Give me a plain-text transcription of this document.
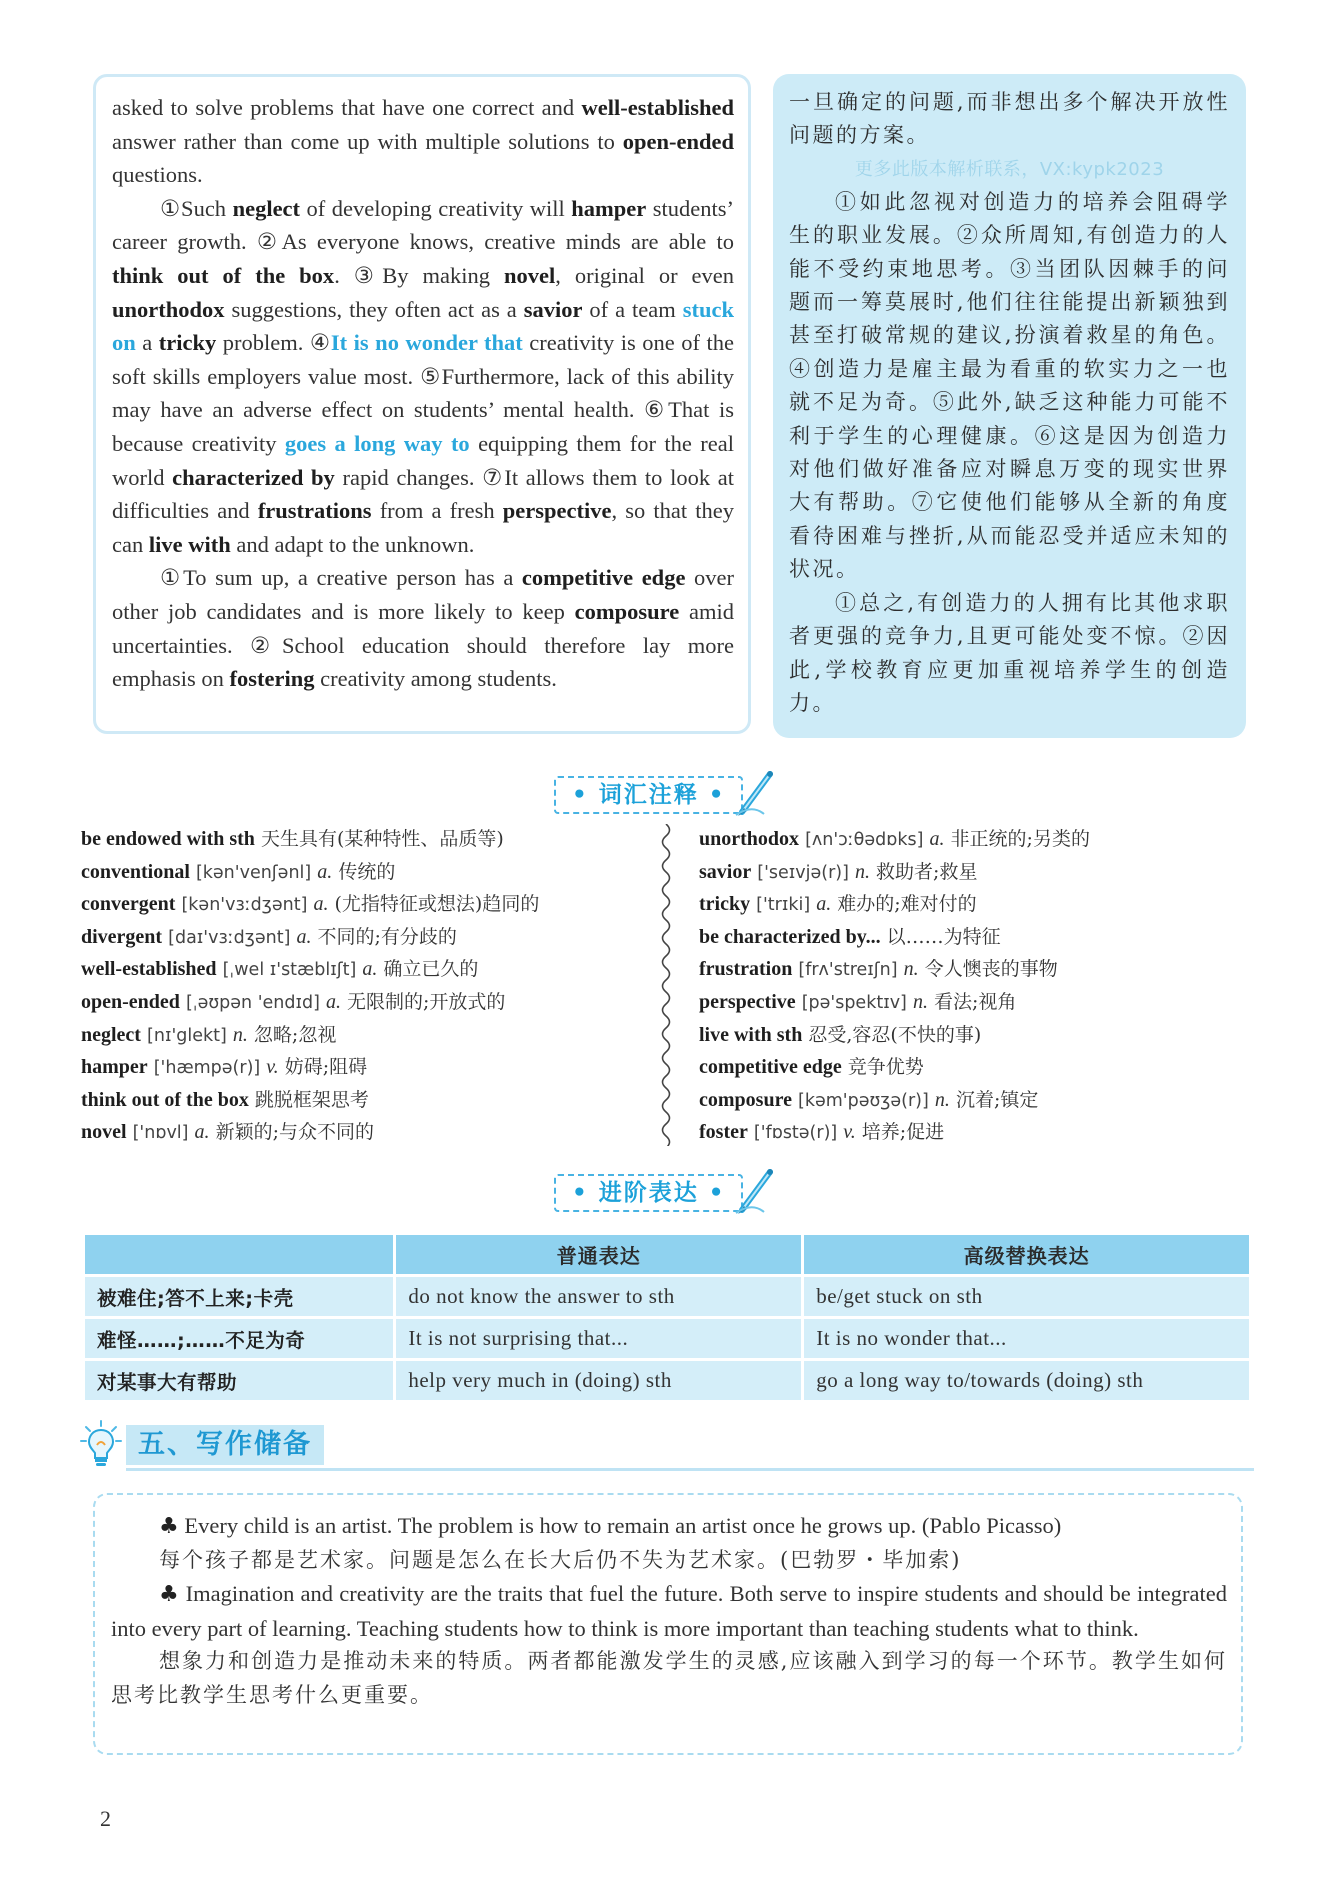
asked to solve problems that have one correct and well-established answer rather than come up with multiple solutions to open-ended questions.

①Such neglect of developing creativity will hamper students’ career growth. ②As everyone knows, creative minds are able to think out of the box. ③By making novel, original or even unorthodox suggestions, they often act as a savior of a team stuck on a tricky problem. ④It is no wonder that creativity is one of the soft skills employers value most. ⑤Furthermore, lack of this ability may have an adverse effect on students’ mental health. ⑥That is because creativity goes a long way to equipping them for the real world characterized by rapid changes. ⑦It allows them to look at difficulties and frustrations from a fresh perspective, so that they can live with and adapt to the unknown.

①To sum up, a creative person has a competitive edge over other job candidates and is more likely to keep composure amid uncertainties. ②School education should therefore lay more emphasis on fostering creativity among students.

一旦确定的问题,而非想出多个解决开放性问题的方案。

更多此版本解析联系，VX:kypk2023

①如此忽视对创造力的培养会阻碍学生的职业发展。②众所周知,有创造力的人能不受约束地思考。③当团队因棘手的问题而一筹莫展时,他们往往能提出新颖独到甚至打破常规的建议,扮演着救星的角色。④创造力是雇主最为看重的软实力之一也就不足为奇。⑤此外,缺乏这种能力可能不利于学生的心理健康。⑥这是因为创造力对他们做好准备应对瞬息万变的现实世界大有帮助。⑦它使他们能够从全新的角度看待困难与挫折,从而能忍受并适应未知的状况。

①总之,有创造力的人拥有比其他求职者更强的竞争力,且更可能处变不惊。②因此,学校教育应更加重视培养学生的创造力。

• 词汇注释 •
be endowed with sth 天生具有(某种特性、品质等)
conventional [kən'venʃənl] a. 传统的
convergent [kən'vɜːdʒənt] a. (尤指特征或想法)趋同的
divergent [daɪ'vɜːdʒənt] a. 不同的;有分歧的
well-established [ˌwel ɪ'stæblɪʃt] a. 确立已久的
open-ended [ˌəʊpən 'endɪd] a. 无限制的;开放式的
neglect [nɪ'glekt] n. 忽略;忽视
hamper ['hæmpə(r)] v. 妨碍;阻碍
think out of the box 跳脱框架思考
novel ['nɒvl] a. 新颖的;与众不同的
unorthodox [ʌn'ɔːθədɒks] a. 非正统的;另类的
savior ['seɪvjə(r)] n. 救助者;救星
tricky ['trɪki] a. 难办的;难对付的
be characterized by... 以……为特征
frustration [frʌ'streɪʃn] n. 令人懊丧的事物
perspective [pə'spektɪv] n. 看法;视角
live with sth 忍受,容忍(不快的事)
competitive edge 竞争优势
composure [kəm'pəʊʒə(r)] n. 沉着;镇定
foster ['fɒstə(r)] v. 培养;促进
• 进阶表达 •
	普通表达	高级替换表达
被难住;答不上来;卡壳	do not know the answer to sth	be/get stuck on sth
难怪……;……不足为奇	It is not surprising that...	It is no wonder that...
对某事大有帮助	help very much in (doing) sth	go a long way to/towards (doing) sth
五、写作储备

♣ Every child is an artist. The problem is how to remain an artist once he grows up. (Pablo Picasso)

每个孩子都是艺术家。问题是怎么在长大后仍不失为艺术家。(巴勃罗・毕加索)

♣ Imagination and creativity are the traits that fuel the future. Both serve to inspire students and should be integrated into every part of learning. Teaching students how to think is more important than teaching students what to think.

想象力和创造力是推动未来的特质。两者都能激发学生的灵感,应该融入到学习的每一个环节。教学生如何思考比教学生思考什么更重要。

2
